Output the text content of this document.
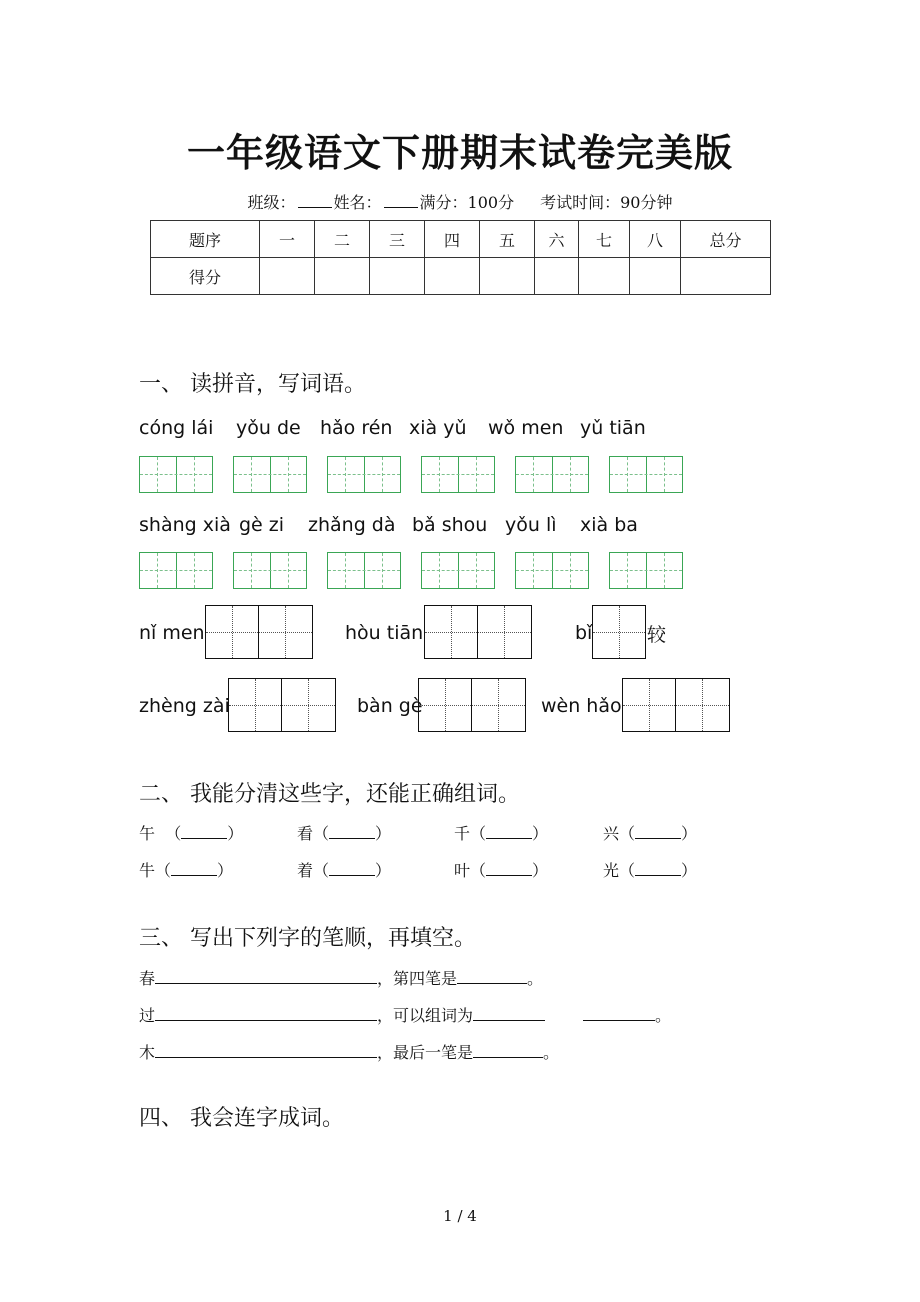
一年级语文下册期末试卷完美版
班级： 姓名： 满分：100分 考试时间：90分钟
题序	一	二	三	四	五	六	七	八	总分
得分									
一、 读拼音，写词语。
cóng lái yǒu de hǎo rén xià yǔ wǒ men yǔ tiān
shàng xià gè zi zhǎng dà bǎ shou yǒu lì xià ba
nǐ men	hòu tiān	bǐ	较
zhèng zài	bàn gè	wèn hǎo
二、 我能分清这些字，还能正确组词。
午  （	）	看（	）	千（	）	兴（	）
牛（	）	着（	）	叶（	）	光（	）
三、 写出下列字的笔顺，再填空。
春	，第四笔是	。
过	，可以组词为	。
木	，最后一笔是	。
四、 我会连字成词。
1 / 4
